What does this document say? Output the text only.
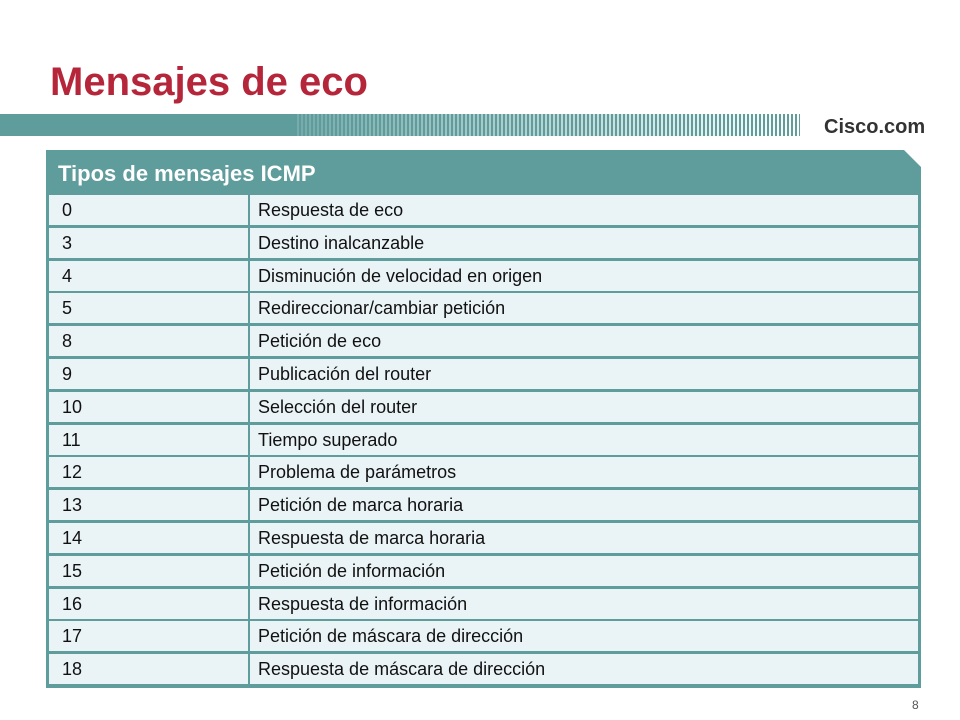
Mensajes de eco
Cisco.com
Tipos de mensajes ICMP
0	Respuesta de eco
3	Destino inalcanzable
4	Disminución de velocidad en origen
5	Redireccionar/cambiar petición
8	Petición de eco
9	Publicación del router
10	Selección del router
11	Tiempo superado
12	Problema de parámetros
13	Petición de marca horaria
14	Respuesta de marca horaria
15	Petición de información
16	Respuesta de información
17	Petición de máscara de dirección
18	Respuesta de máscara de dirección
8
